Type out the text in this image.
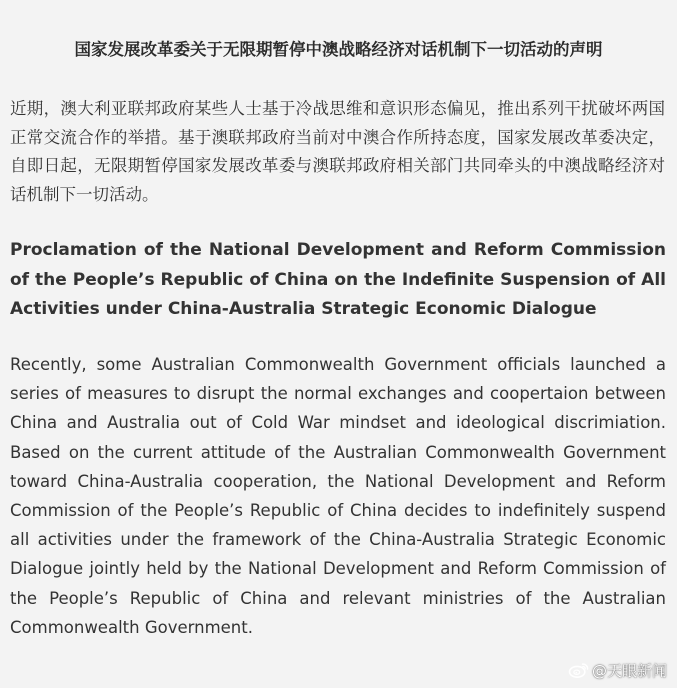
国家发展改革委关于无限期暂停中澳战略经济对话机制下一切活动的声明
近期，澳大利亚联邦政府某些人士基于冷战思维和意识形态偏见，推出系列干扰破坏两国正常交流合作的举措。基于澳联邦政府当前对中澳合作所持态度，国家发展改革委决定，自即日起，无限期暂停国家发展改革委与澳联邦政府相关部门共同牵头的中澳战略经济对话机制下一切活动。
Proclamation of the National Development and Reform Commission of the People’s Republic of China on the Indefinite Suspension of All Activities under China-Australia Strategic Economic Dialogue
Recently, some Australian Commonwealth Government officials launched a series of measures to disrupt the normal exchanges and coopertaion between China and Australia out of Cold War mindset and ideological discrimiation. Based on the current attitude of the Australian Commonwealth Government toward China-Australia cooperation, the National Development and Reform Commission of the People’s Republic of China decides to indefinitely suspend all activities under the framework of the China-Australia Strategic Economic Dialogue jointly held by the National Development and Reform Commission of the People’s Republic of China and relevant ministries of the Australian Commonwealth Government.
@天眼新闻
